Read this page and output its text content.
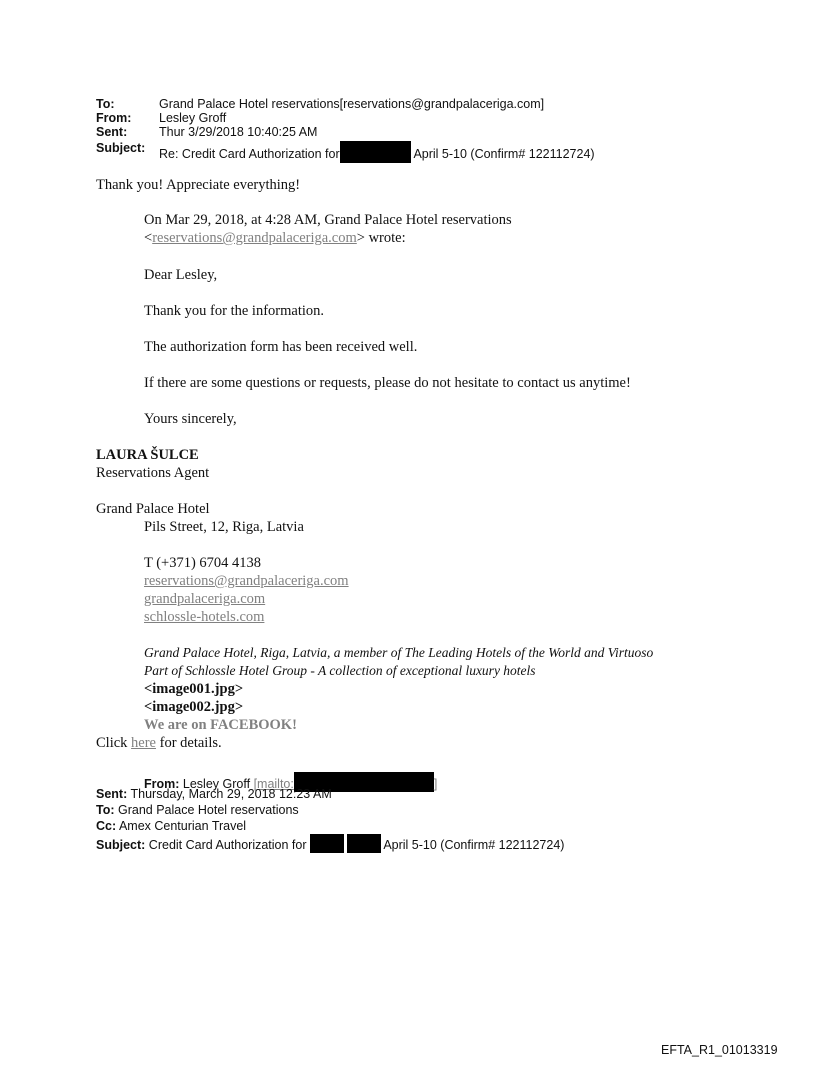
To:	Grand Palace Hotel reservations[reservations@grandpalaceriga.com]
From: Lesley Groff
Sent:	Thur 3/29/2018 10:40:25 AM
Subject: Re: Credit Card Authorization for	April 5-10 (Confirm# 122112724)
Thank you! Appreciate everything!
On Mar 29, 2018, at 4:28 AM, Grand Palace Hotel reservations
<reservations@grandpalaceriga.com> wrote:
Dear Lesley,
Thank you for the information.
The authorization form has been received well.
If there are some questions or requests, please do not hesitate to contact us anytime!
Yours sincerely,
LAURA ŠULCE
Reservations Agent
Grand Palace Hotel
Pils Street, 12, Riga, Latvia
T (+371) 6704 4138
reservations@grandpalaceriga.com
grandpalaceriga.com
schlossle-hotels.com
Grand Palace Hotel, Riga, Latvia, a member of The Leading Hotels of the World and Virtuoso
Part of Schlossle Hotel Group - A collection of exceptional luxury hotels
<image001.jpg>
<image002.jpg>
We are on FACEBOOK!
Click here for details.
From: Lesley Groff [mailto:	]
Sent: Thursday, March 29, 2018 12:23 AM
To: Grand Palace Hotel reservations
Cc: Amex Centurian Travel
Subject: Credit Card Authorization for	April 5-10 (Confirm# 122112724)
EFTA_R1_01013319
